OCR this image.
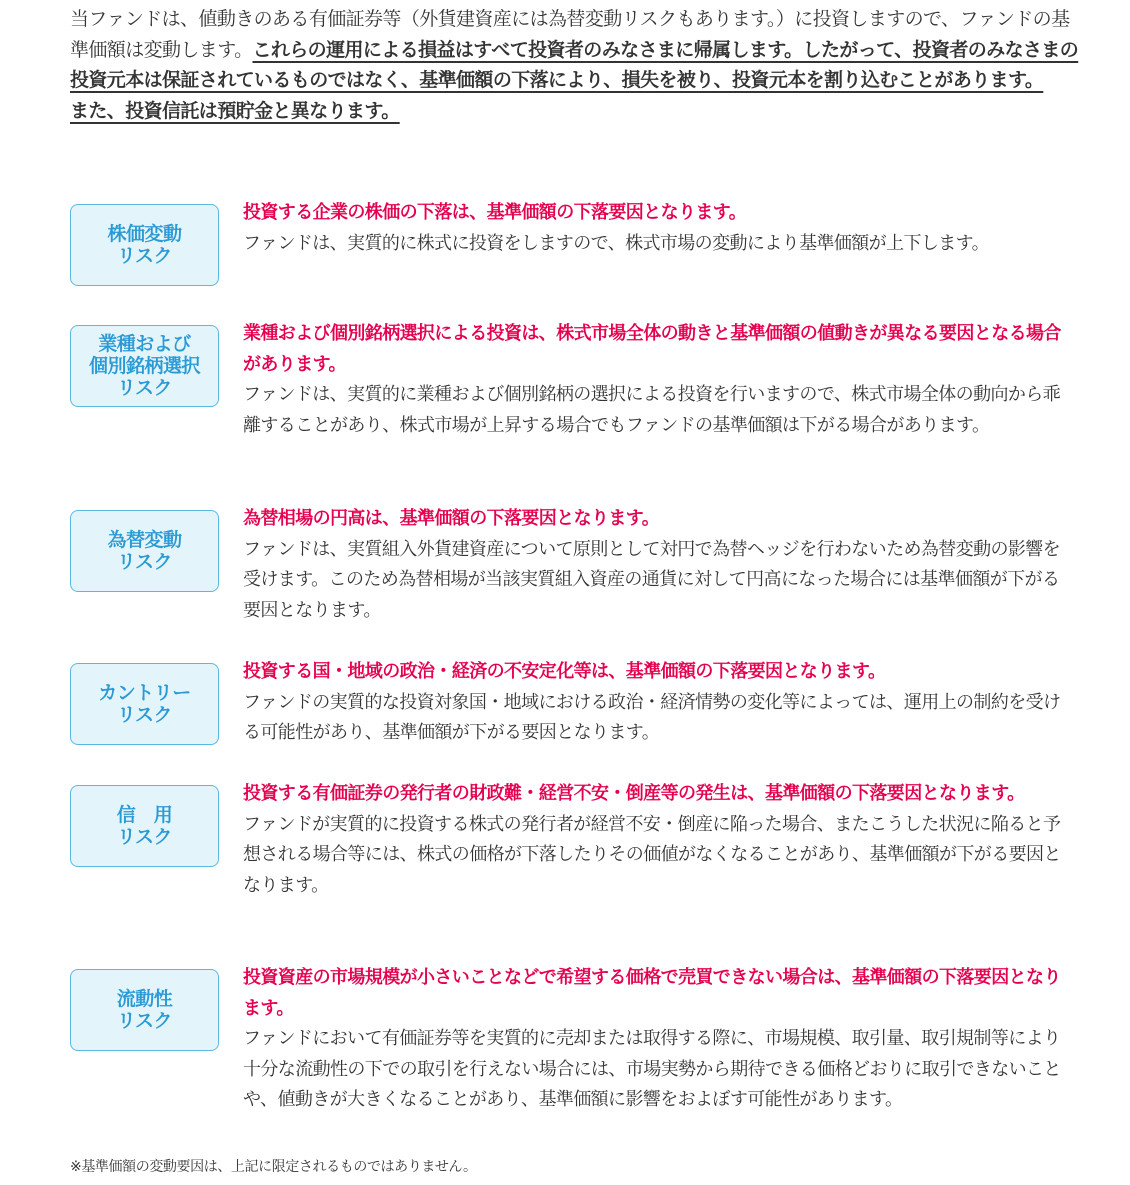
当ファンドは、値動きのある有価証券等（外貨建資産には為替変動リスクもあります。）に投資しますので、ファンドの基準価額は変動します。これらの運用による損益はすべて投資者のみなさまに帰属します。したがって、投資者のみなさまの投資元本は保証されているものではなく、基準価額の下落により、損失を被り、投資元本を割り込むことがあります。
また、投資信託は預貯金と異なります。
株価変動
リスク
投資する企業の株価の下落は、基準価額の下落要因となります。
ファンドは、実質的に株式に投資をしますので、株式市場の変動により基準価額が上下します。
業種および
個別銘柄選択
リスク
業種および個別銘柄選択による投資は、株式市場全体の動きと基準価額の値動きが異なる要因となる場合があります。
ファンドは、実質的に業種および個別銘柄の選択による投資を行いますので、株式市場全体の動向から乖離することがあり、株式市場が上昇する場合でもファンドの基準価額は下がる場合があります。
為替変動
リスク
為替相場の円高は、基準価額の下落要因となります。
ファンドは、実質組入外貨建資産について原則として対円で為替ヘッジを行わないため為替変動の影響を受けます。このため為替相場が当該実質組入資産の通貨に対して円高になった場合には基準価額が下がる要因となります。
カントリー
リスク
投資する国・地域の政治・経済の不安定化等は、基準価額の下落要因となります。
ファンドの実質的な投資対象国・地域における政治・経済情勢の変化等によっては、運用上の制約を受ける可能性があり、基準価額が下がる要因となります。
信　用
リスク
投資する有価証券の発行者の財政難・経営不安・倒産等の発生は、基準価額の下落要因となります。
ファンドが実質的に投資する株式の発行者が経営不安・倒産に陥った場合、またこうした状況に陥ると予想される場合等には、株式の価格が下落したりその価値がなくなることがあり、基準価額が下がる要因となります。
流動性
リスク
投資資産の市場規模が小さいことなどで希望する価格で売買できない場合は、基準価額の下落要因となります。
ファンドにおいて有価証券等を実質的に売却または取得する際に、市場規模、取引量、取引規制等により十分な流動性の下での取引を行えない場合には、市場実勢から期待できる価格どおりに取引できないことや、値動きが大きくなることがあり、基準価額に影響をおよぼす可能性があります。
※基準価額の変動要因は、上記に限定されるものではありません。
